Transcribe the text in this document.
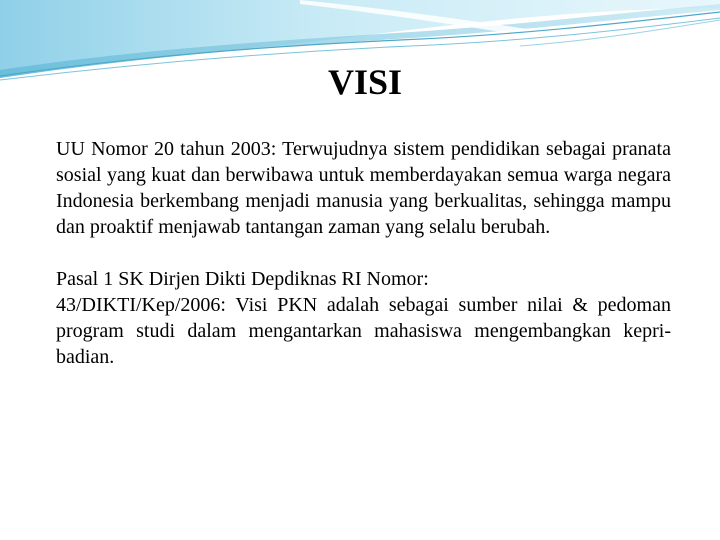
VISI

UU Nomor 20 tahun 2003: Terwujudnya sistem pendidikan sebagai pranata sosial yang kuat dan berwibawa untuk memberdayakan semua warga negara Indonesia berkembang menjadi manusia yang berkualitas, sehingga mampu dan proaktif menjawab tantangan zaman yang selalu berubah.

Pasal 1 SK Dirjen Dikti Depdiknas RI Nomor:
43/DIKTI/Kep/2006: Visi PKN adalah sebagai sumber nilai & pedoman program studi dalam mengantarkan mahasiswa mengembangkan kepri-badian.
